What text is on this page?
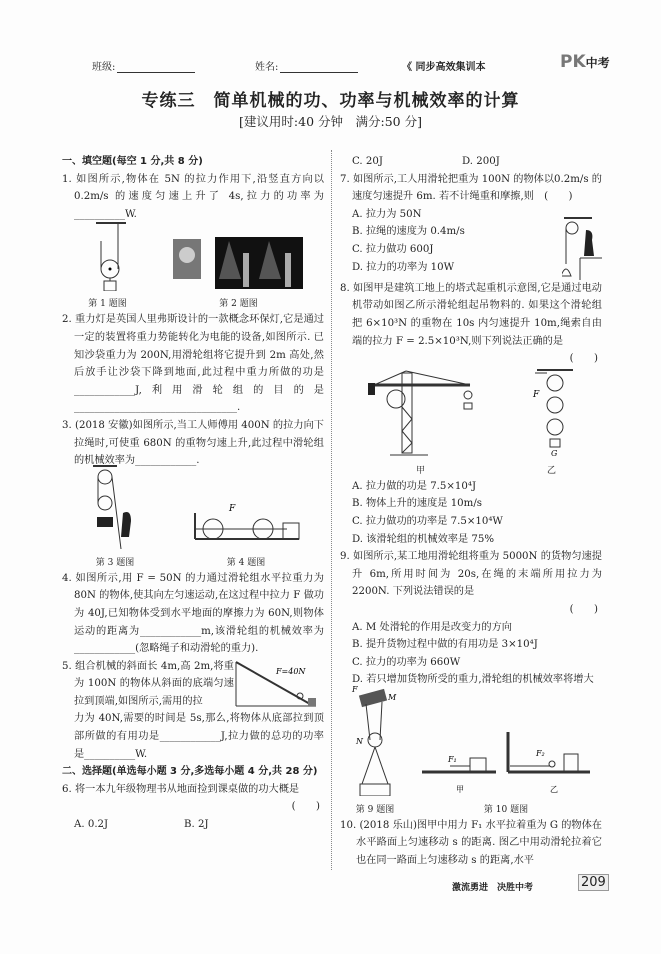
班级:	姓名:	《 同步高效集训本	PK中考
专练三　简单机械的功、功率与机械效率的计算
[建议用时:40 分钟　满分:50 分]
一、填空题(每空 1 分,共 8 分)
1. 如图所示,物体在 5N 的拉力作用下,沿竖直方向以 0.2m/s 的速度匀速上升了 4s,拉力的功率为__________W.
第 1 题图	第 2 题图
2. 重力灯是英国人里弗斯设计的一款概念环保灯,它是通过一定的装置将重力势能转化为电能的设备,如图所示. 已知沙袋重力为 200N,用滑轮组将它提升到 2m 高处,然后放手让沙袋下降到地面,此过程中重力所做的功是____________J,利用滑轮组的目的是________________________________.
3. (2018 安徽)如图所示,当工人师傅用 400N 的拉力向下拉绳时,可使重 680N 的重物匀速上升,此过程中滑轮组的机械效率为____________.
第 3 题图
F
第 4 题图
4. 如图所示,用 F = 50N 的力通过滑轮组水平拉重力为 80N 的物体,使其向左匀速运动,在这过程中拉力 F 做功为 40J,已知物体受到水平地面的摩擦力为 60N,则物体运动的距离为____________m,该滑轮组的机械效率为____________(忽略绳子和动滑轮的重力).
5. 组合机械的斜面长 4m,高 2m,将重为 100N 的物体从斜面的底端匀速拉到顶端,如图所示,需用的拉
F=40N
力为 40N,需要的时间是 5s,那么,将物体从底部拉到顶部所做的有用功是____________J,拉力做的总功的功率是__________W.
二、选择题(单选每小题 3 分,多选每小题 4 分,共 28 分)
6. 将一本九年级物理书从地面捡到课桌做的功大概是
(　　)
A. 0.2J	B. 2J
C. 20J	D. 200J
7. 如图所示,工人用滑轮把重为 100N 的物体以0.2m/s 的速度匀速提升 6m. 若不计绳重和摩擦,则　(　　)
A. 拉力为 50N
B. 拉绳的速度为 0.4m/s
C. 拉力做功 600J
D. 拉力的功率为 10W
8. 如图甲是建筑工地上的塔式起重机示意图,它是通过电动机带动如图乙所示滑轮组起吊物料的. 如果这个滑轮组把 6×10³N 的重物在 10s 内匀速提升 10m,绳索自由端的拉力 F = 2.5×10³N,则下列说法正确的是
(　　)
甲
F
G
乙
A. 拉力做的功是 7.5×10⁴J
B. 物体上升的速度是 10m/s
C. 拉力做功的功率是 7.5×10⁴W
D. 该滑轮组的机械效率是 75%
9. 如图所示,某工地用滑轮组将重为 5000N 的货物匀速提升 6m,所用时间为 20s,在绳的末端所用拉力为 2200N. 下列说法错误的是
(　　)
A. M 处滑轮的作用是改变力的方向
B. 提升货物过程中做的有用功是 3×10⁴J
C. 拉力的功率为 660W
D. 若只增加货物所受的重力,滑轮组的机械效率将增大
F
M
N
第 9 题图
F₁
甲
F₂
乙
第 10 题图
10. (2018 乐山)图甲中用力 F₁ 水平拉着重为 G 的物体在水平路面上匀速移动 s 的距离. 图乙中用动滑轮拉着它也在同一路面上匀速移动 s 的距离,水平
激流勇进　决胜中考	209
